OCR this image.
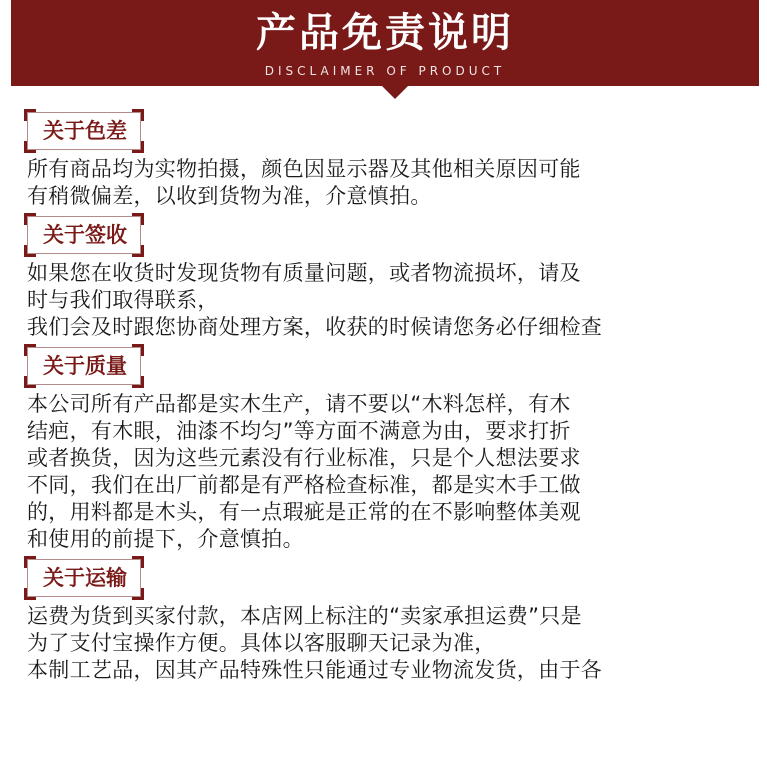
产品免责说明
DISCLAIMER OF PRODUCT
关于色差

所有商品均为实物拍摄，颜色因显示器及其他相关原因可能

有稍微偏差，以收到货物为准，介意慎拍。

关于签收

如果您在收货时发现货物有质量问题，或者物流损坏，请及

时与我们取得联系，

我们会及时跟您协商处理方案，收获的时候请您务必仔细检查

关于质量

本公司所有产品都是实木生产，请不要以“木料怎样，有木

结疤，有木眼，油漆不均匀”等方面不满意为由，要求打折

或者换货，因为这些元素没有行业标准，只是个人想法要求

不同，我们在出厂前都是有严格检查标准，都是实木手工做

的，用料都是木头，有一点瑕疵是正常的在不影响整体美观

和使用的前提下，介意慎拍。

关于运输

运费为货到买家付款，本店网上标注的“卖家承担运费”只是

为了支付宝操作方便。具体以客服聊天记录为准，

本制工艺品，因其产品特殊性只能通过专业物流发货，由于各
